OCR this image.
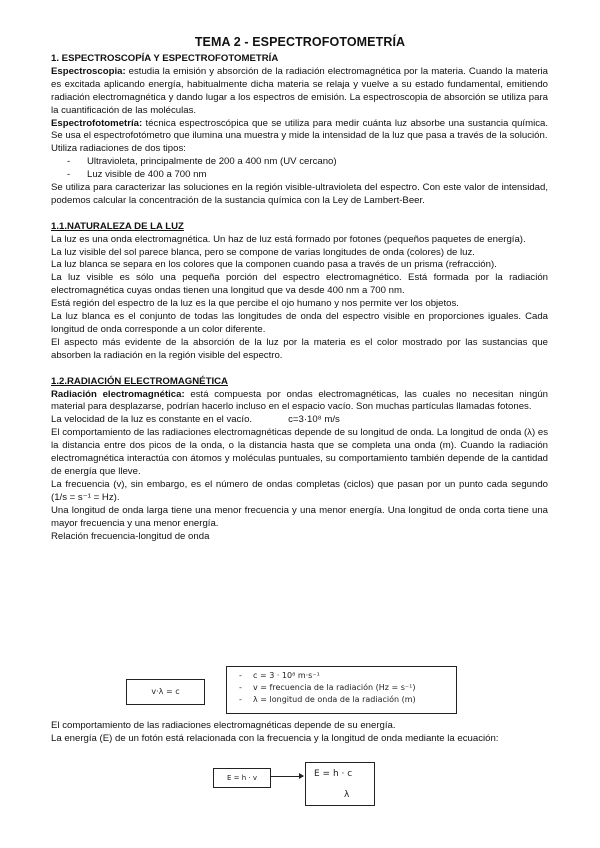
TEMA 2 - ESPECTROFOTOMETRÍA
1. ESPECTROSCOPÍA Y ESPECTROFOTOMETRÍA

Espectroscopia: estudia la emisión y absorción de la radiación electromagnética por la materia. Cuando la materia es excitada aplicando energía, habitualmente dicha materia se relaja y vuelve a su estado fundamental, emitiendo radiación electromagnética y dando lugar a los espectros de emisión. La espectroscopia de absorción se utiliza para la cuantificación de las moléculas.

Espectrofotometría: técnica espectroscópica que se utiliza para medir cuánta luz absorbe una sustancia química. Se usa el espectrofotómetro que ilumina una muestra y mide la intensidad de la luz que pasa a través de la solución.

Utiliza radiaciones de dos tipos:

- Ultravioleta, principalmente de 200 a 400 nm (UV cercano)
- Luz visible de 400 a 700 nm

Se utiliza para caracterizar las soluciones en la región visible-ultravioleta del espectro. Con este valor de intensidad, podemos calcular la concentración de la sustancia química con la Ley de Lambert-Beer.

1.1.NATURALEZA DE LA LUZ

La luz es una onda electromagnética. Un haz de luz está formado por fotones (pequeños paquetes de energía).

La luz visible del sol parece blanca, pero se compone de varias longitudes de onda (colores) de luz.

La luz blanca se separa en los colores que la componen cuando pasa a través de un prisma (refracción).

La luz visible es sólo una pequeña porción del espectro electromagnético. Está formada por la radiación electromagnética cuyas ondas tienen una longitud que va desde 400 nm a 700 nm.

Está región del espectro de la luz es la que percibe el ojo humano y nos permite ver los objetos.

La luz blanca es el conjunto de todas las longitudes de onda del espectro visible en proporciones iguales. Cada longitud de onda corresponde a un color diferente.

El aspecto más evidente de la absorción de la luz por la materia es el color mostrado por las sustancias que absorben la radiación en la región visible del espectro.

1.2.RADIACIÓN ELECTROMAGNÉTICA

Radiación electromagnética: está compuesta por ondas electromagnéticas, las cuales no necesitan ningún material para desplazarse, podrían hacerlo incluso en el espacio vacío. Son muchas partículas llamadas fotones.

La velocidad de la luz es constante en el vacío.	c=3·10⁸ m/s

El comportamiento de las radiaciones electromagnéticas depende de su longitud de onda. La longitud de onda (λ) es la distancia entre dos picos de la onda, o la distancia hasta que se completa una onda (m). Cuando la radiación electromagnética interactúa con átomos y moléculas puntuales, su comportamiento también depende de la cantidad de energía que lleve.

La frecuencia (v), sin embargo, es el número de ondas completas (ciclos) que pasan por un punto cada segundo (1/s = s⁻¹ = Hz).

Una longitud de onda larga tiene una menor frecuencia y una menor energía. Una longitud de onda corta tiene una mayor frecuencia y una menor energía.

Relación frecuencia-longitud de onda

v·λ = c
- c = 3 · 10⁸ m·s⁻¹
- v = frecuencia de la radiación (Hz = s⁻¹)
- λ = longitud de onda de la radiación (m)

El comportamiento de las radiaciones electromagnéticas depende de su energía.

La energía (E) de un fotón está relacionada con la frecuencia y la longitud de onda mediante la ecuación:

E = h · v	E = h · c
λ
